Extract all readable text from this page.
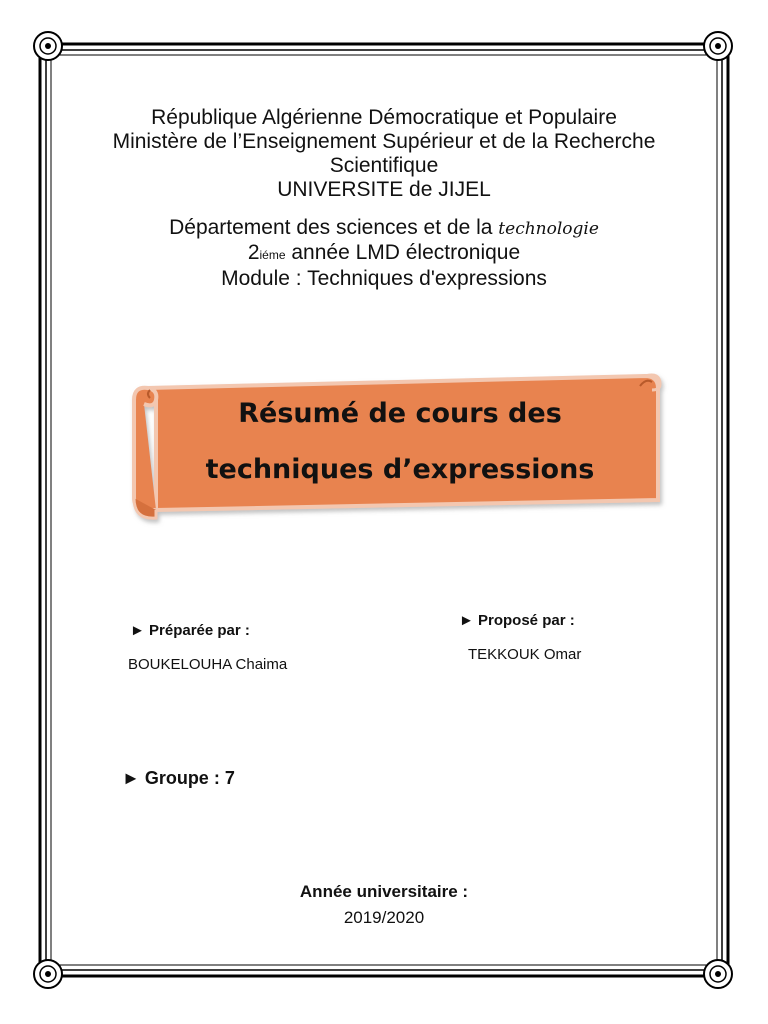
République Algérienne Démocratique et Populaire
Ministère de l’Enseignement Supérieur et de la Recherche
Scientifique
UNIVERSITE de JIJEL
Département des sciences et de la technologie
2iéme année LMD électronique
Module : Techniques d'expressions
Résumé de cours des
techniques d’expressions
► Préparée par :
BOUKELOUHA Chaima
► Proposé par :
TEKKOUK Omar
► Groupe : 7
Année universitaire :
2019/2020
